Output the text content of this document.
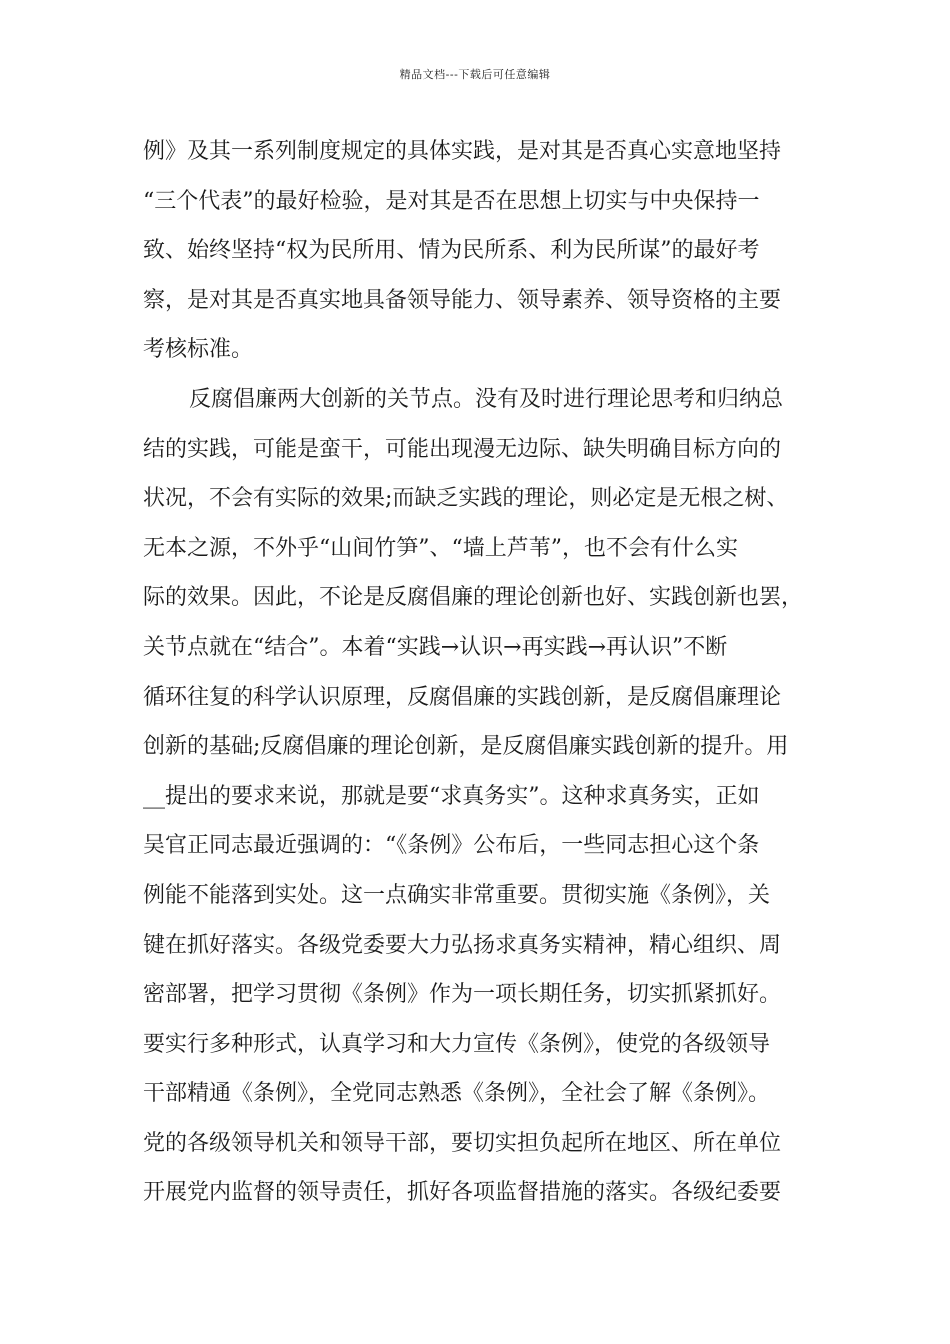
精品文档---下载后可任意编辑
例》及其一系列制度规定的具体实践，是对其是否真心实意地坚持
“三个代表”的最好检验，是对其是否在思想上切实与中央保持一
致、始终坚持“权为民所用、情为民所系、利为民所谋”的最好考
察，是对其是否真实地具备领导能力、领导素养、领导资格的主要
考核标准。
反腐倡廉两大创新的关节点。没有及时进行理论思考和归纳总
结的实践，可能是蛮干，可能出现漫无边际、缺失明确目标方向的
状况，不会有实际的效果;而缺乏实践的理论，则必定是无根之树、
无本之源，不外乎“山间竹笋”、“墙上芦苇”，也不会有什么实
际的效果。因此，不论是反腐倡廉的理论创新也好、实践创新也罢，
关节点就在“结合”。本着“实践→认识→再实践→再认识”不断
循环往复的科学认识原理，反腐倡廉的实践创新，是反腐倡廉理论
创新的基础;反腐倡廉的理论创新，是反腐倡廉实践创新的提升。用
__提出的要求来说，那就是要“求真务实”。这种求真务实，正如
吴官正同志最近强调的：“《条例》公布后，一些同志担心这个条
例能不能落到实处。这一点确实非常重要。贯彻实施《条例》，关
键在抓好落实。各级党委要大力弘扬求真务实精神，精心组织、周
密部署，把学习贯彻《条例》作为一项长期任务，切实抓紧抓好。
要实行多种形式，认真学习和大力宣传《条例》，使党的各级领导
干部精通《条例》，全党同志熟悉《条例》，全社会了解《条例》。
党的各级领导机关和领导干部，要切实担负起所在地区、所在单位
开展党内监督的领导责任，抓好各项监督措施的落实。各级纪委要
